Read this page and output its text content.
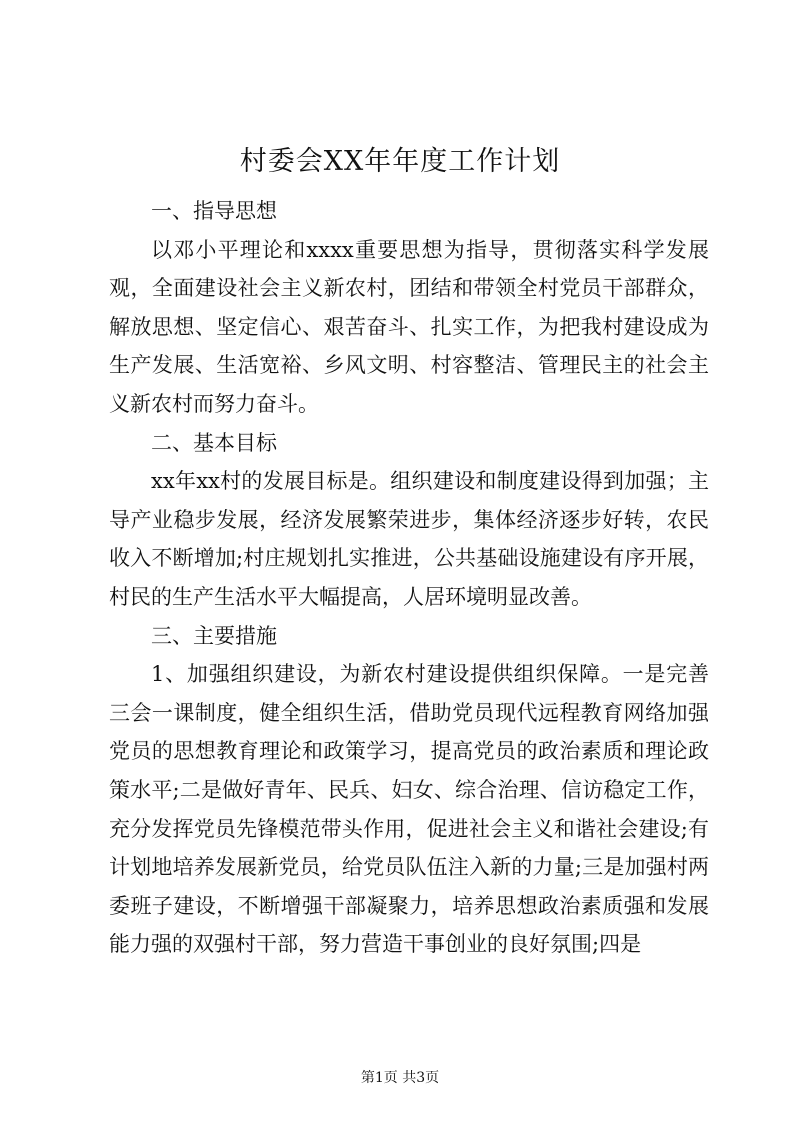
村委会XX年年度工作计划

一、指导思想

以邓小平理论和xxxx重要思想为指导，贯彻落实科学发展观，全面建设社会主义新农村，团结和带领全村党员干部群众，解放思想、坚定信心、艰苦奋斗、扎实工作，为把我村建设成为生产发展、生活宽裕、乡风文明、村容整洁、管理民主的社会主义新农村而努力奋斗。

二、基本目标

xx年xx村的发展目标是。组织建设和制度建设得到加强；主导产业稳步发展，经济发展繁荣进步，集体经济逐步好转，农民收入不断增加;村庄规划扎实推进，公共基础设施建设有序开展，村民的生产生活水平大幅提高，人居环境明显改善。

三、主要措施

1、加强组织建设，为新农村建设提供组织保障。一是完善三会一课制度，健全组织生活，借助党员现代远程教育网络加强党员的思想教育理论和政策学习，提高党员的政治素质和理论政策水平;二是做好青年、民兵、妇女、综合治理、信访稳定工作，充分发挥党员先锋模范带头作用，促进社会主义和谐社会建设;有计划地培养发展新党员，给党员队伍注入新的力量;三是加强村两委班子建设，不断增强干部凝聚力，培养思想政治素质强和发展能力强的双强村干部，努力营造干事创业的良好氛围;四是

第1页 共3页
